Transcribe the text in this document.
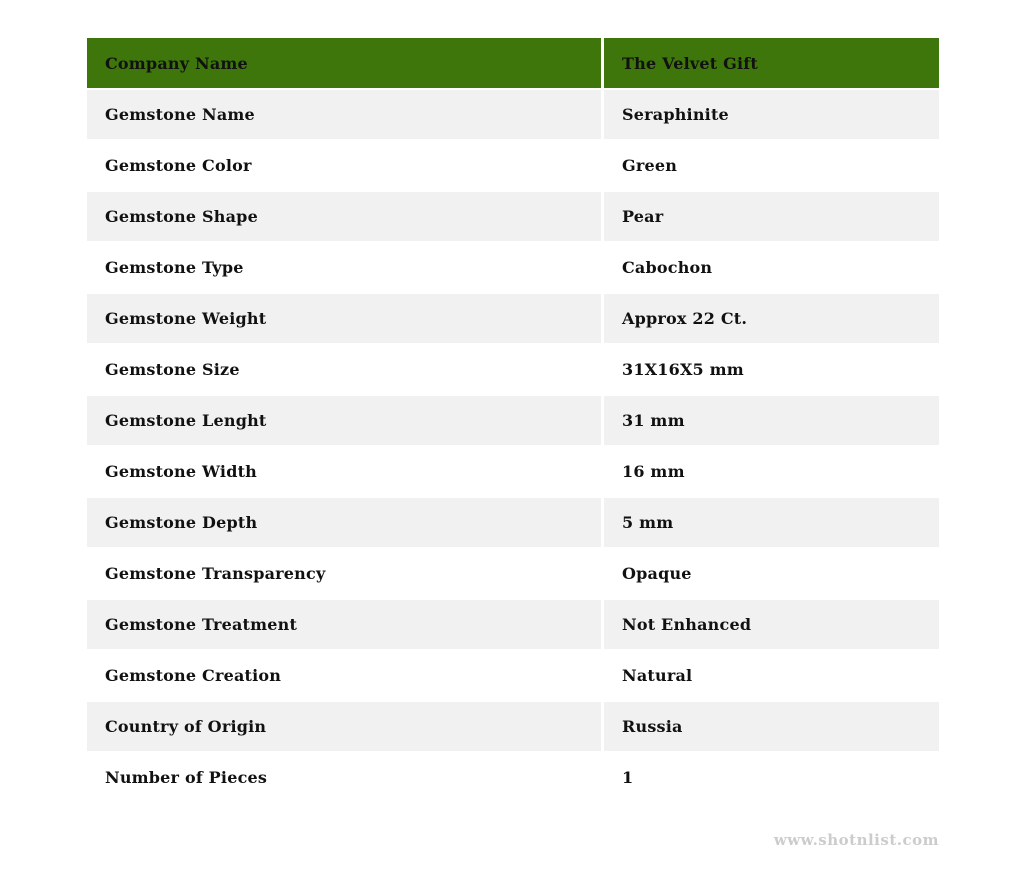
Company Name	The Velvet Gift
Gemstone Name	Seraphinite
Gemstone Color	Green
Gemstone Shape	Pear
Gemstone Type	Cabochon
Gemstone Weight	Approx 22 Ct.
Gemstone Size	31X16X5 mm
Gemstone Lenght	31 mm
Gemstone Width	16 mm
Gemstone Depth	5 mm
Gemstone Transparency	Opaque
Gemstone Treatment	Not Enhanced
Gemstone Creation	Natural
Country of Origin	Russia
Number of Pieces	1
www.shotnlist.com
